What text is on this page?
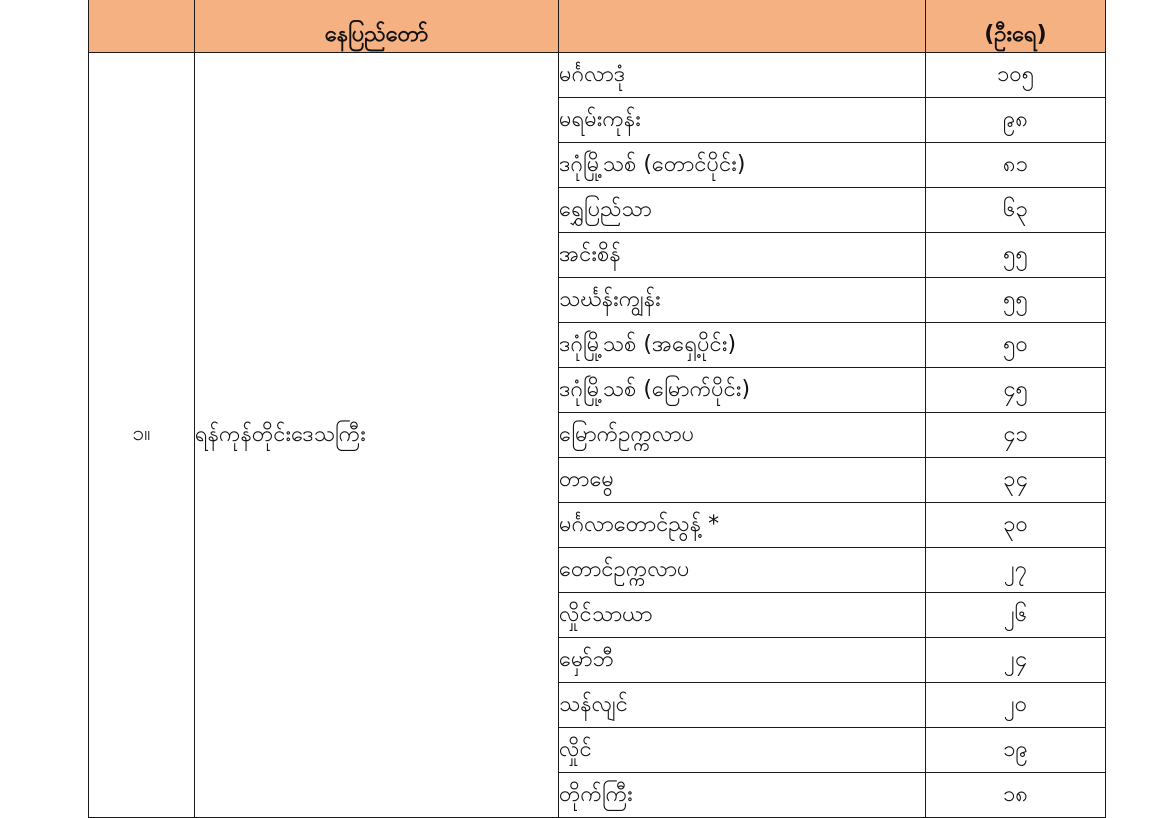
	နေပြည်တော်		(ဦးရေ)
၁။	ရန်ကုန်တိုင်းဒေသကြီး	မင်္ဂလာဒုံ	၁၀၅
		မရမ်းကုန်း	၉၈
		ဒဂုံမြို့သစ် (တောင်ပိုင်း)	၈၁
		ရွှေပြည်သာ	၆၃
		အင်းစိန်	၅၅
		သင်္ဃန်းကျွန်း	၅၅
		ဒဂုံမြို့သစ် (အရှေ့ပိုင်း)	၅၀
		ဒဂုံမြို့သစ် (မြောက်ပိုင်း)	၄၅
		မြောက်ဥက္ကလာပ	၄၁
		တာမွေ	၃၄
		မင်္ဂလာတောင်ညွန့် *	၃၀
		တောင်ဥက္ကလာပ	၂၇
		လှိုင်သာယာ	၂၆
		မှော်ဘီ	၂၄
		သန်လျင်	၂၀
		လှိုင်	၁၉
		တိုက်ကြီး	၁၈
